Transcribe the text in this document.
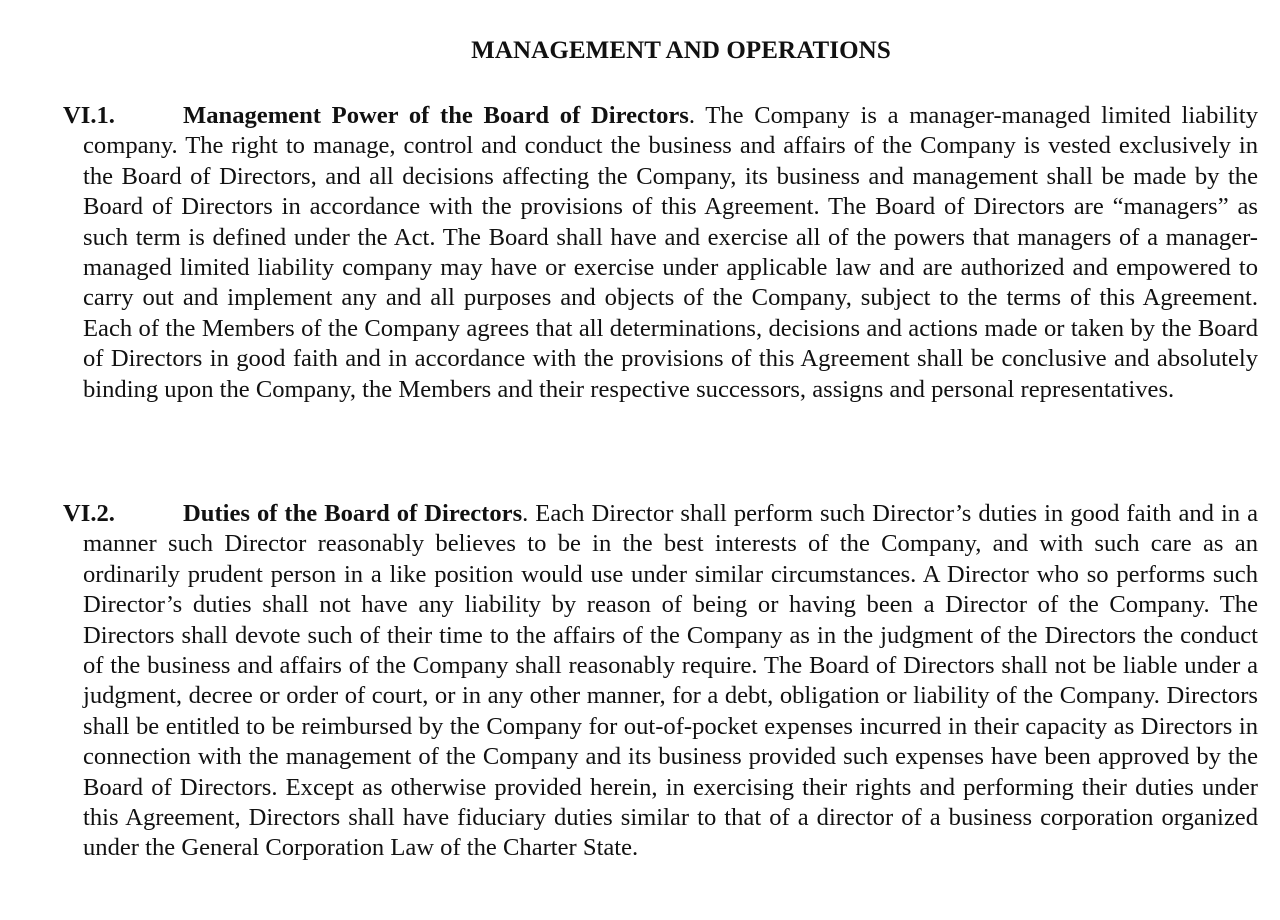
MANAGEMENT AND OPERATIONS
VI.1.	Management Power of the Board of Directors. The Company is a manager-managed limited liability company. The right to manage, control and conduct the business and affairs of the Company is vested exclusively in the Board of Directors, and all decisions affecting the Company, its business and management shall be made by the Board of Directors in accordance with the provisions of this Agreement. The Board of Directors are “managers” as such term is defined under the Act. The Board shall have and exercise all of the powers that managers of a manager-managed limited liability company may have or exercise under applicable law and are authorized and empowered to carry out and implement any and all purposes and objects of the Company, subject to the terms of this Agreement. Each of the Members of the Company agrees that all determinations, decisions and actions made or taken by the Board of Directors in good faith and in accordance with the provisions of this Agreement shall be conclusive and absolutely binding upon the Company, the Members and their respective successors, assigns and personal representatives.
VI.2.	Duties of the Board of Directors. Each Director shall perform such Director’s duties in good faith and in a manner such Director reasonably believes to be in the best interests of the Company, and with such care as an ordinarily prudent person in a like position would use under similar circumstances. A Director who so performs such Director’s duties shall not have any liability by reason of being or having been a Director of the Company. The Directors shall devote such of their time to the affairs of the Company as in the judgment of the Directors the conduct of the business and affairs of the Company shall reasonably require. The Board of Directors shall not be liable under a judgment, decree or order of court, or in any other manner, for a debt, obligation or liability of the Company. Directors shall be entitled to be reimbursed by the Company for out-of-pocket expenses incurred in their capacity as Directors in connection with the management of the Company and its business provided such expenses have been approved by the Board of Directors. Except as otherwise provided herein, in exercising their rights and performing their duties under this Agreement, Directors shall have fiduciary duties similar to that of a director of a business corporation organized under the General Corporation Law of the Charter State.
